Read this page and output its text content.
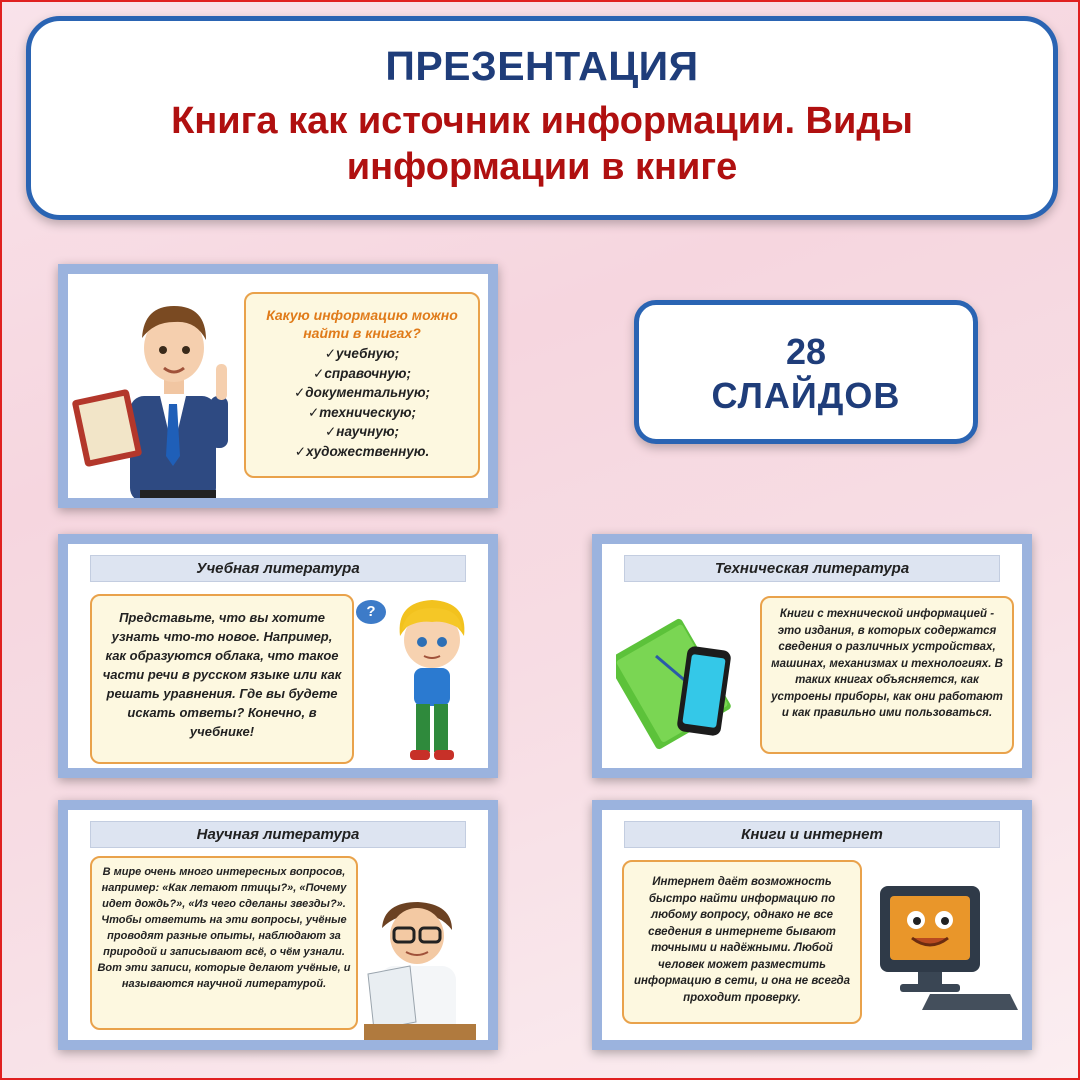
ПРЕЗЕНТАЦИЯ
Книга как источник информации. Виды информации в книге
28
СЛАЙДОВ
Какую информацию можно найти в книгах?
✓учебную;
✓справочную;
✓документальную;
✓техническую;
✓научную;
✓художественную.
Учебная литература
Представьте, что вы хотите узнать что-то новое. Например, как образуются облака, что такое части речи в русском языке или как решать уравнения. Где вы будете искать ответы? Конечно, в учебнике!
?
Техническая литература
Книги с технической информацией - это издания, в которых содержатся сведения о различных устройствах, машинах, механизмах и технологиях. В таких книгах объясняется, как устроены приборы, как они работают и как правильно ими пользоваться.
Научная литература
В мире очень много интересных вопросов, например: «Как летают птицы?», «Почему идет дождь?», «Из чего сделаны звезды?». Чтобы ответить на эти вопросы, учёные проводят разные опыты, наблюдают за природой и записывают всё, о чём узнали. Вот эти записи, которые делают учёные, и называются научной литературой.
Книги и интернет
Интернет даёт возможность быстро найти информацию по любому вопросу, однако не все сведения в интернете бывают точными и надёжными. Любой человек может разместить информацию в сети, и она не всегда проходит проверку.
